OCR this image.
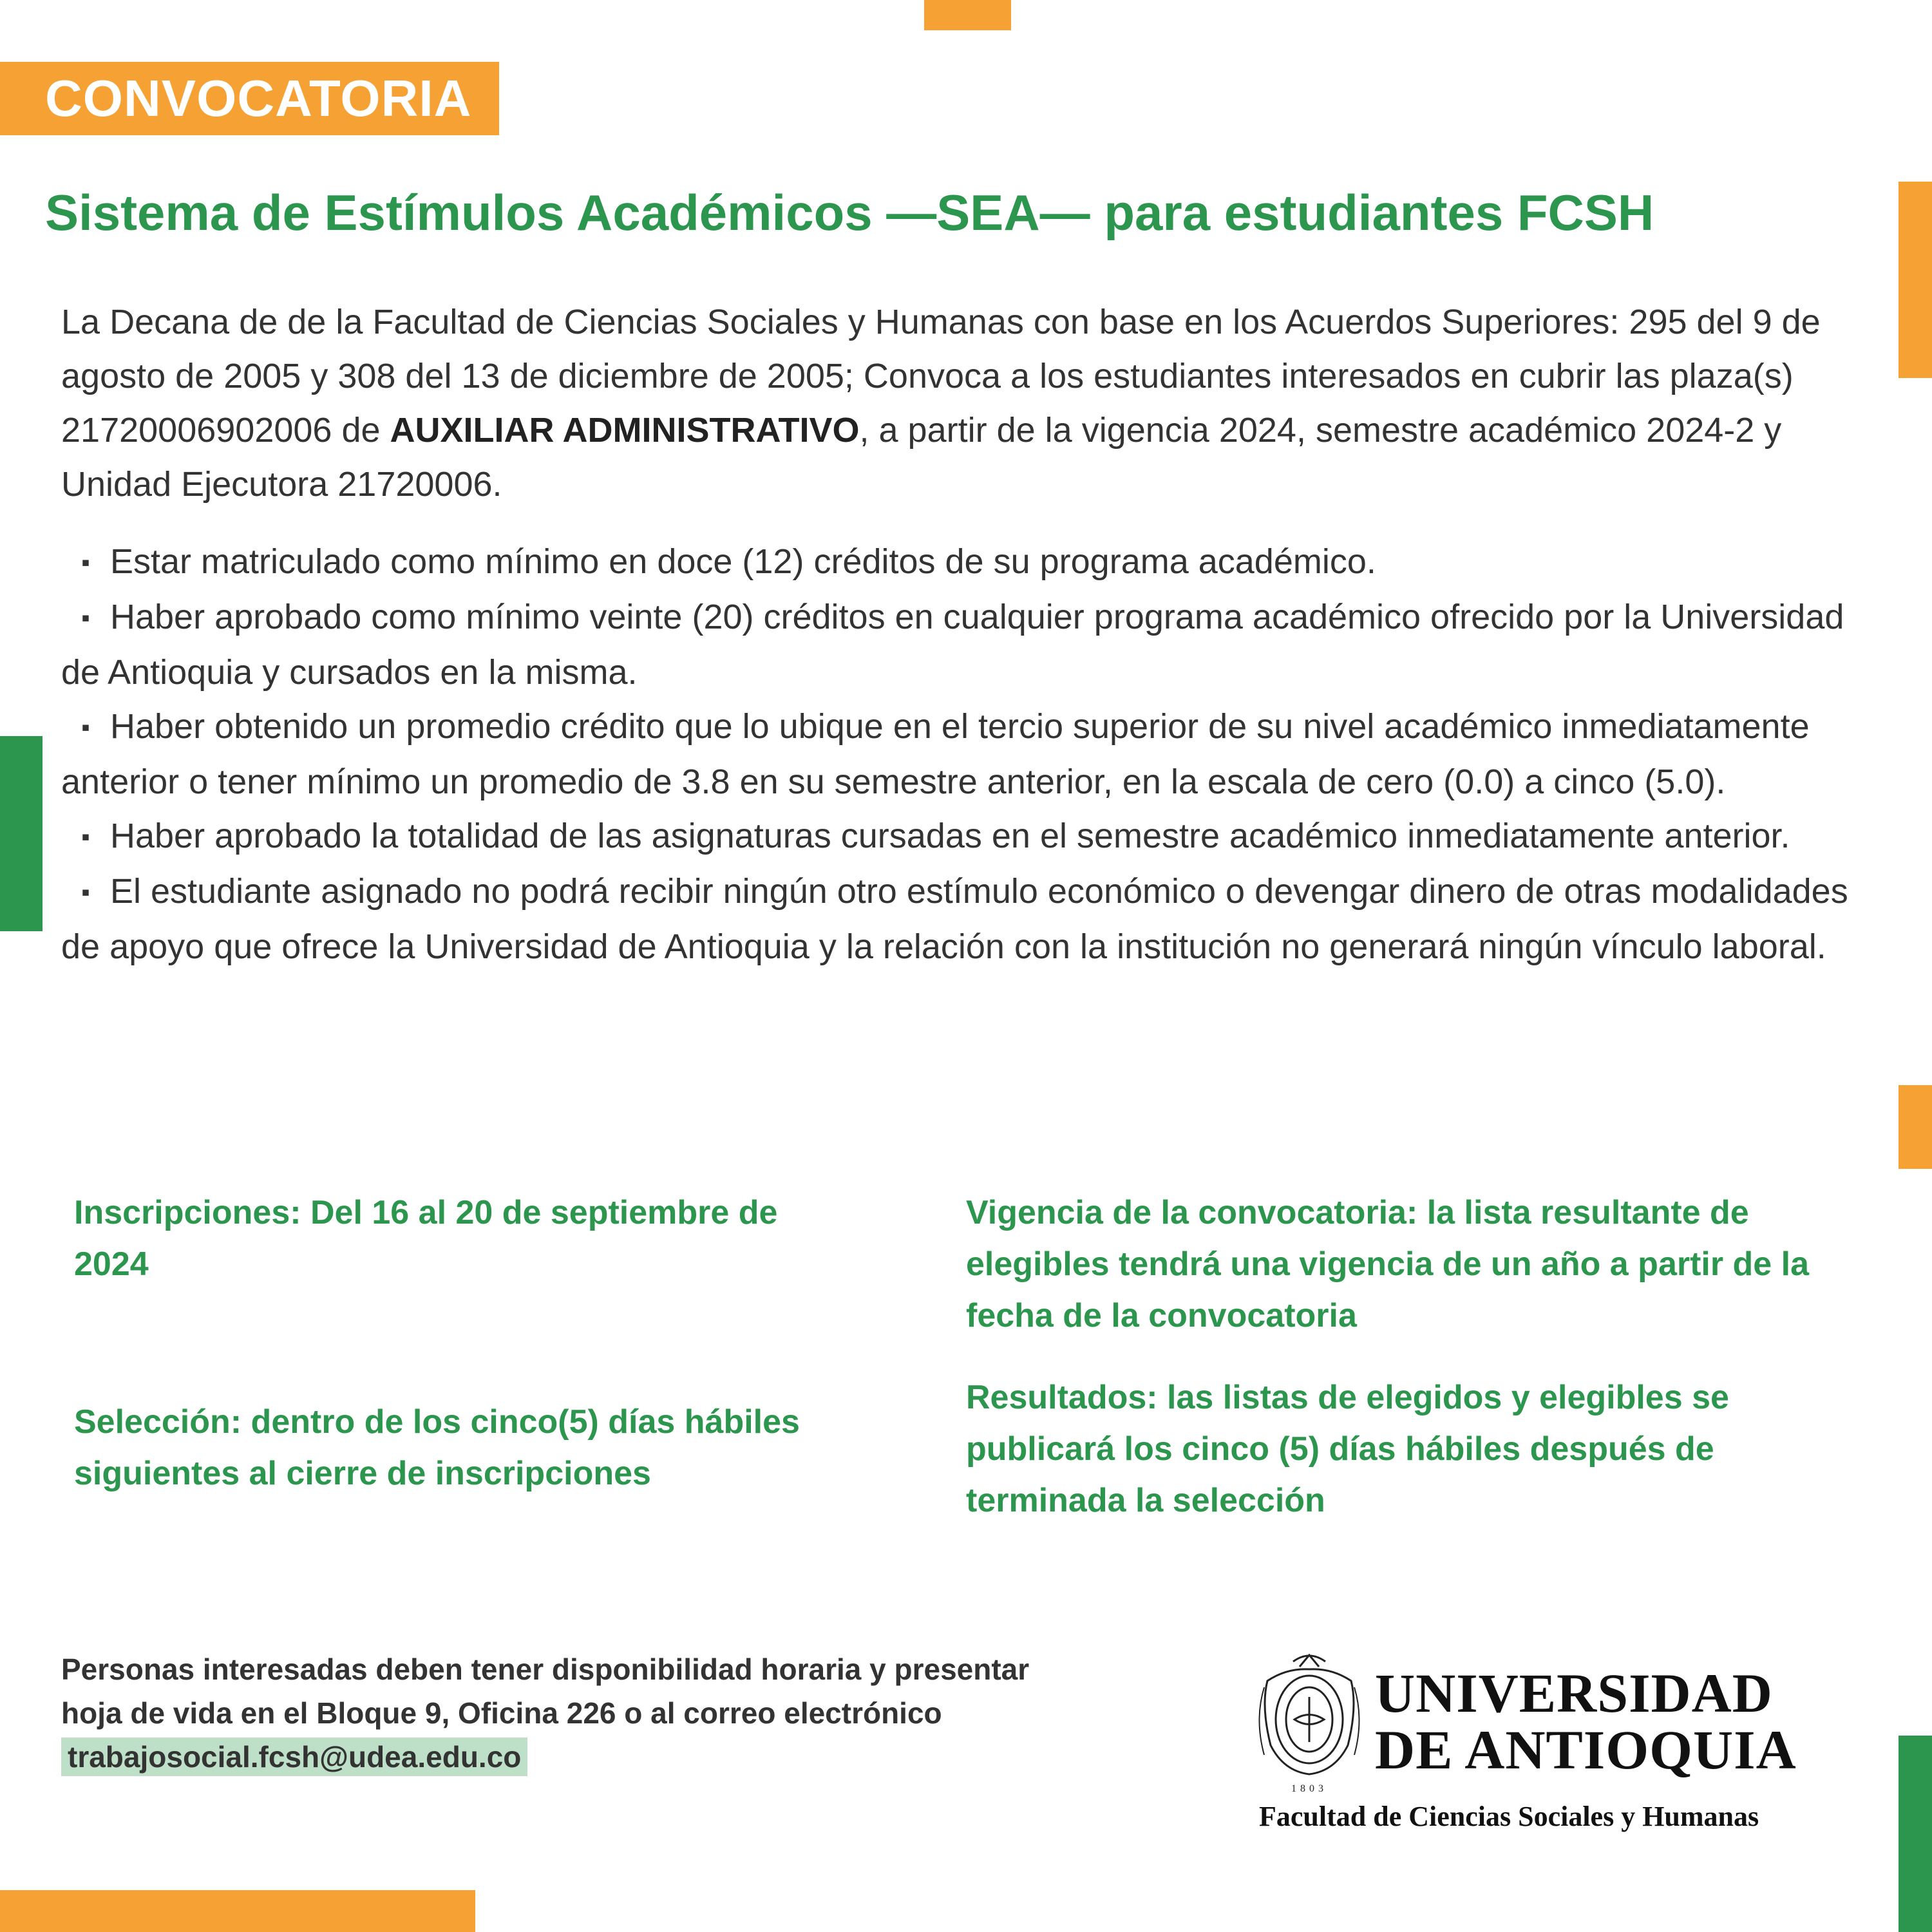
CONVOCATORIA
Sistema de Estímulos Académicos —SEA— para estudiantes FCSH

La Decana de de la Facultad de Ciencias Sociales y Humanas con base en los Acuerdos Superiores: 295 del 9 de agosto de 2005 y 308 del 13 de diciembre de 2005; Convoca a los estudiantes interesados en cubrir las plaza(s) 21720006902006 de AUXILIAR ADMINISTRATIVO, a partir de la vigencia 2024, semestre académico 2024-2 y Unidad Ejecutora 21720006.

▪ Estar matriculado como mínimo en doce (12) créditos de su programa académico.
▪ Haber aprobado como mínimo veinte (20) créditos en cualquier programa académico ofrecido por la Universidad de Antioquia y cursados en la misma.
▪ Haber obtenido un promedio crédito que lo ubique en el tercio superior de su nivel académico inmediatamente anterior o tener mínimo un promedio de 3.8 en su semestre anterior, en la escala de cero (0.0) a cinco (5.0).
▪ Haber aprobado la totalidad de las asignaturas cursadas en el semestre académico inmediatamente anterior.
▪ El estudiante asignado no podrá recibir ningún otro estímulo económico o devengar dinero de otras modalidades de apoyo que ofrece la Universidad de Antioquia y la relación con la institución no generará ningún vínculo laboral.

Inscripciones: Del 16 al 20 de septiembre de 2024

Vigencia de la convocatoria: la lista resultante de elegibles tendrá una vigencia de un año a partir de la fecha de la convocatoria

Selección: dentro de los cinco(5) días hábiles siguientes al cierre de inscripciones

Resultados: las listas de elegidos y elegibles se publicará los cinco (5) días hábiles después de terminada la selección

Personas interesadas deben tener disponibilidad horaria y presentar hoja de vida en el Bloque 9, Oficina 226 o al correo electrónico trabajosocial.fcsh@udea.edu.co

1803
UNIVERSIDAD
DE ANTIOQUIA

Facultad de Ciencias Sociales y Humanas
